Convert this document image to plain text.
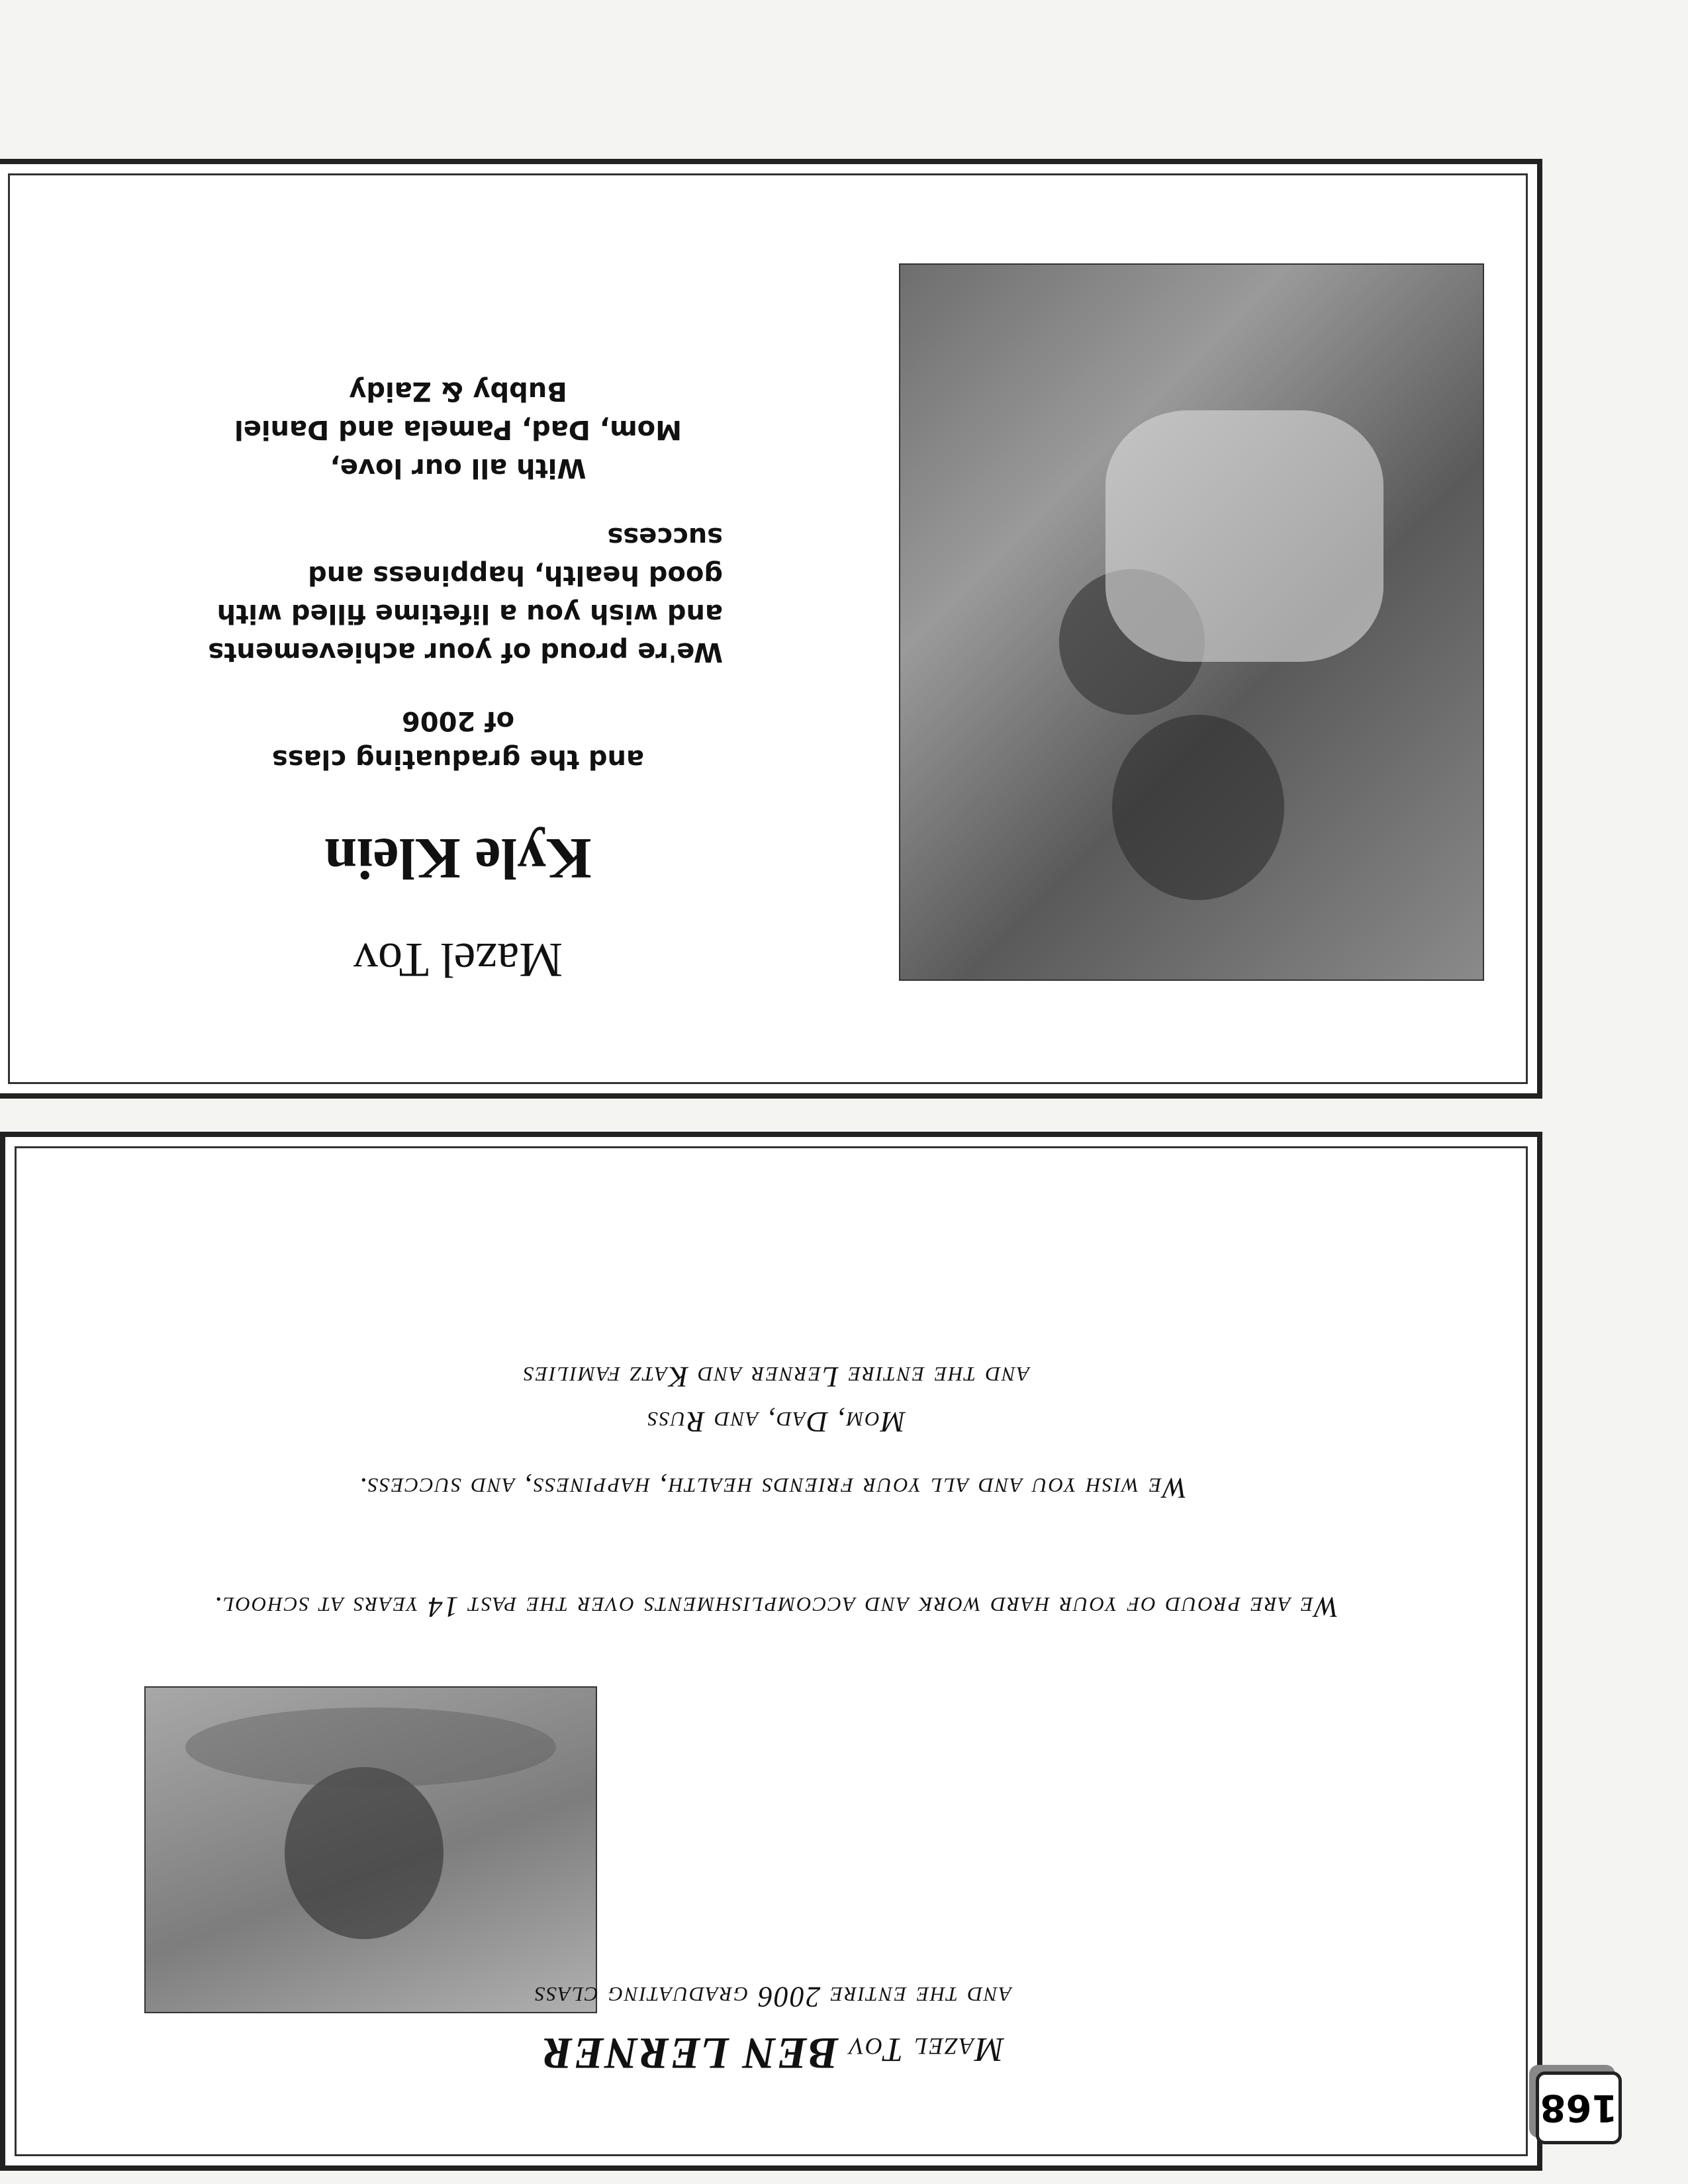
Mazel Tov BEN LERNER
and the entire 2006 graduating class

We are proud of your hard work and accomplishments over the past 14 years at school.

We wish you and all your friends health, happiness, and success.

Mom, Dad, and Russ
and the entire Lerner and Katz families
Mazel Tov
Kyle Klein
and the graduating class
of 2006
We're proud of your achievements and wish you a lifetime filled with good health, happiness and success
With all our love,
Mom, Dad, Pamela and Daniel
Bubby & Zaidy
168
